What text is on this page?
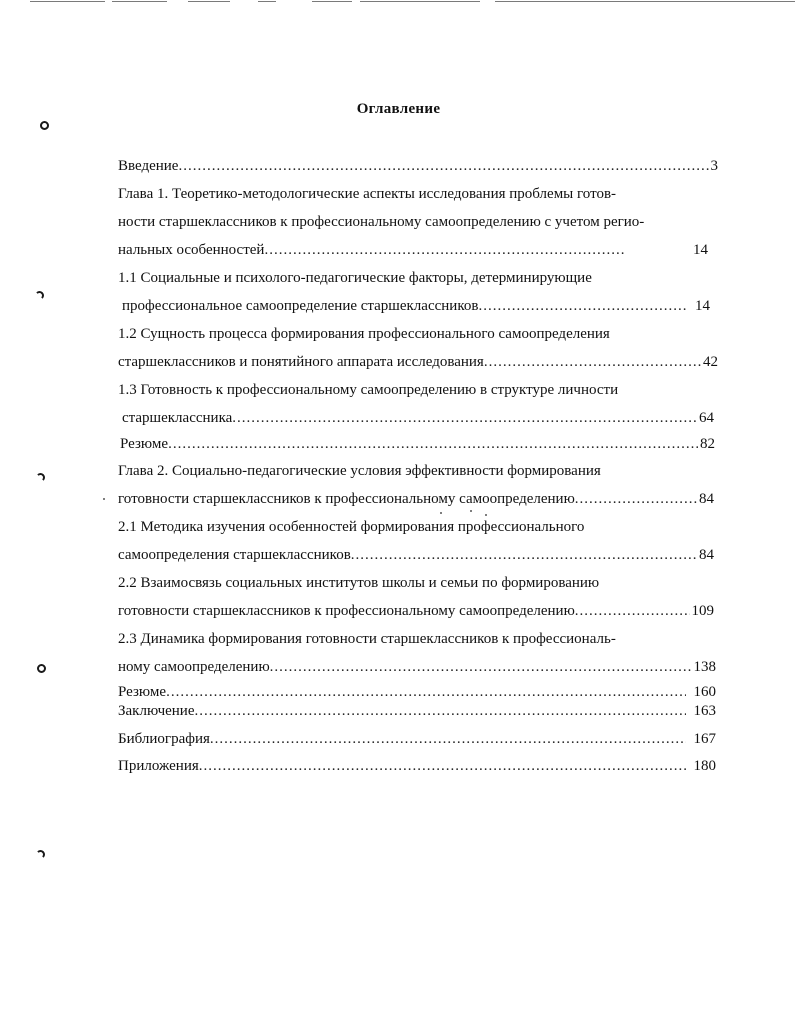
Оглавление
Введение .....	3
Глава 1. Теоретико-методологические аспекты исследования проблемы готов-
ности старшеклассников к профессиональному самоопределению с учетом регио-
нальных особенностей .....	14
1.1 Социальные и психолого-педагогические факторы, детерминирующие
профессиональное самоопределение старшеклассников .....	14
1.2 Сущность процесса формирования профессионального самоопределения
старшеклассников и понятийного аппарата исследования .....	42
1.3 Готовность к профессиональному самоопределению в структуре личности
старшеклассника .....	64
Резюме .....	82
Глава 2. Социально-педагогические условия эффективности формирования
готовности старшеклассников к профессиональному самоопределению .....	84
2.1 Методика изучения особенностей формирования профессионального
самоопределения старшеклассников .....	84
2.2 Взаимосвязь социальных институтов школы и семьи по формированию
готовности старшеклассников к профессиональному самоопределению .....	109
2.3 Динамика формирования готовности старшеклассников к профессиональ-
ному самоопределению .....	138
Резюме .....	160
Заключение .....	163
Библиография .....	167
Приложения .....	180
